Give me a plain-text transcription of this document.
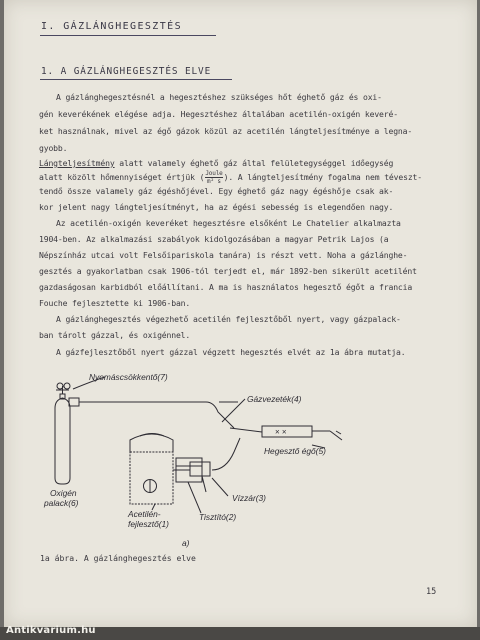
I. GÁZLÁNGHEGESZTÉS
1. A GÁZLÁNGHEGESZTÉS ELVE
A gázlánghegesztésnél a hegesztéshez szükséges hőt éghető gáz és oxi-
gén keverékének elégése adja. Hegesztéshez általában acetilén-oxigén keveré-
ket használnak, mivel az égő gázok közül az acetilén lángteljesítménye a legna-
gyobb.
Lángteljesítmény alatt valamely éghető gáz által felületegységgel időegység
alatt közölt hőmennyiséget értjük ( $\frac{\text{Joule}}{\text{m² s}}$ ). A lángteljesítmény fogalma nem téveszt-
tendő össze valamely gáz égéshőjével. Egy éghető gáz nagy égéshője csak ak-
kor jelent nagy lángteljesítményt, ha az égési sebesség is elegendően nagy.
Az acetilén-oxigén keveréket hegesztésre elsőként Le Chatelier alkalmazta
1904-ben. Az alkalmazási szabályok kidolgozásában a magyar Petrik Lajos (a
Népszínház utcai volt Felsőipariskola tanára) is részt vett. Noha a gázlánghe-
gesztés a gyakorlatban csak 1906-tól terjedt el, már 1892-ben sikerült acetilént
gazdaságosan karbidból előállítani. A ma is használatos hegesztő égőt a francia
Fouche fejlesztette ki 1906-ban.
A gázlánghegesztés végezhető acetilén fejlesztőből nyert, vagy gázpalack-
ban tárolt gázzal, és oxigénnel.
A gázfejlesztőből nyert gázzal végzett hegesztés elvét az 1a ábra mutatja.
× ×
Nyomáscsökkentő(7)
Gázvezeték(4)
Hegesztő égő(5)
Oxigén
palack(6)	Vízzár(3)
Tisztító(2)
Acetilén-
fejlesztő(1)
a)
1a ábra. A gázlánghegesztés elve
15
Antikvarium.hu
